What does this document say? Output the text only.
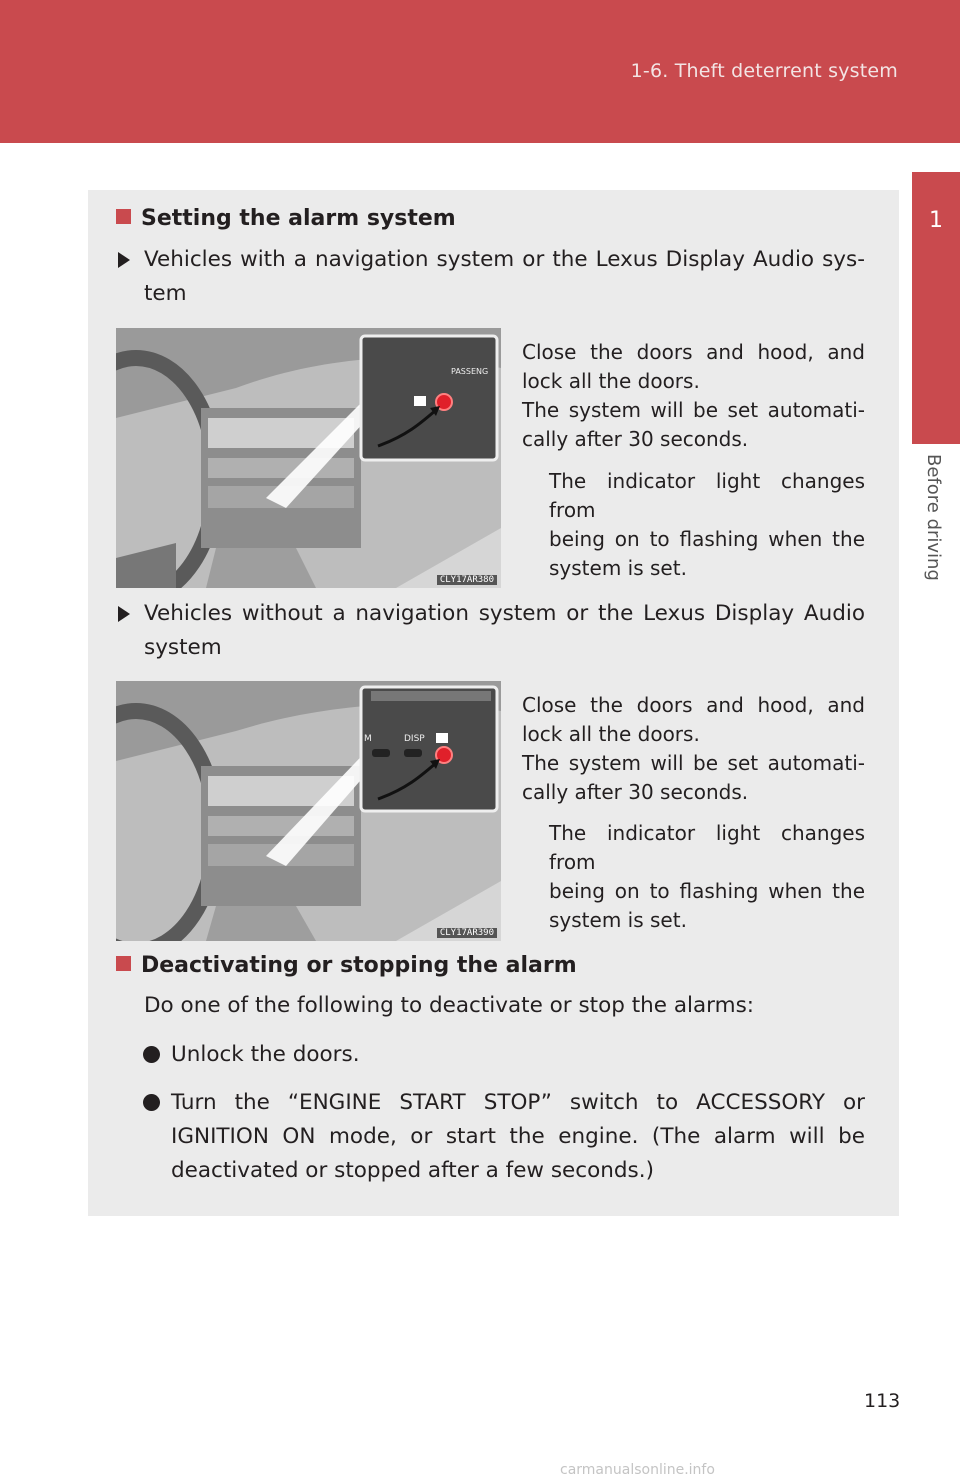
1-6. Theft deterrent system
1
Before driving
Setting the alarm system
Vehicles with a navigation system or the Lexus Display Audio sys-
tem
PASSENG
CLY17AR380
Close the doors and hood, and
lock all the doors.
The system will be set automati-
cally after 30 seconds.
The indicator light changes from
being on to flashing when the
system is set.
Vehicles without a navigation system or the Lexus Display Audio
system
M	DISP
CLY17AR390
Close the doors and hood, and
lock all the doors.
The system will be set automati-
cally after 30 seconds.
The indicator light changes from
being on to flashing when the
system is set.
Deactivating or stopping the alarm
Do one of the following to deactivate or stop the alarms:
Unlock the doors.
Turn the “ENGINE START STOP” switch to ACCESSORY or
IGNITION ON mode, or start the engine. (The alarm will be
deactivated or stopped after a few seconds.)
113
carmanualsonline.info
